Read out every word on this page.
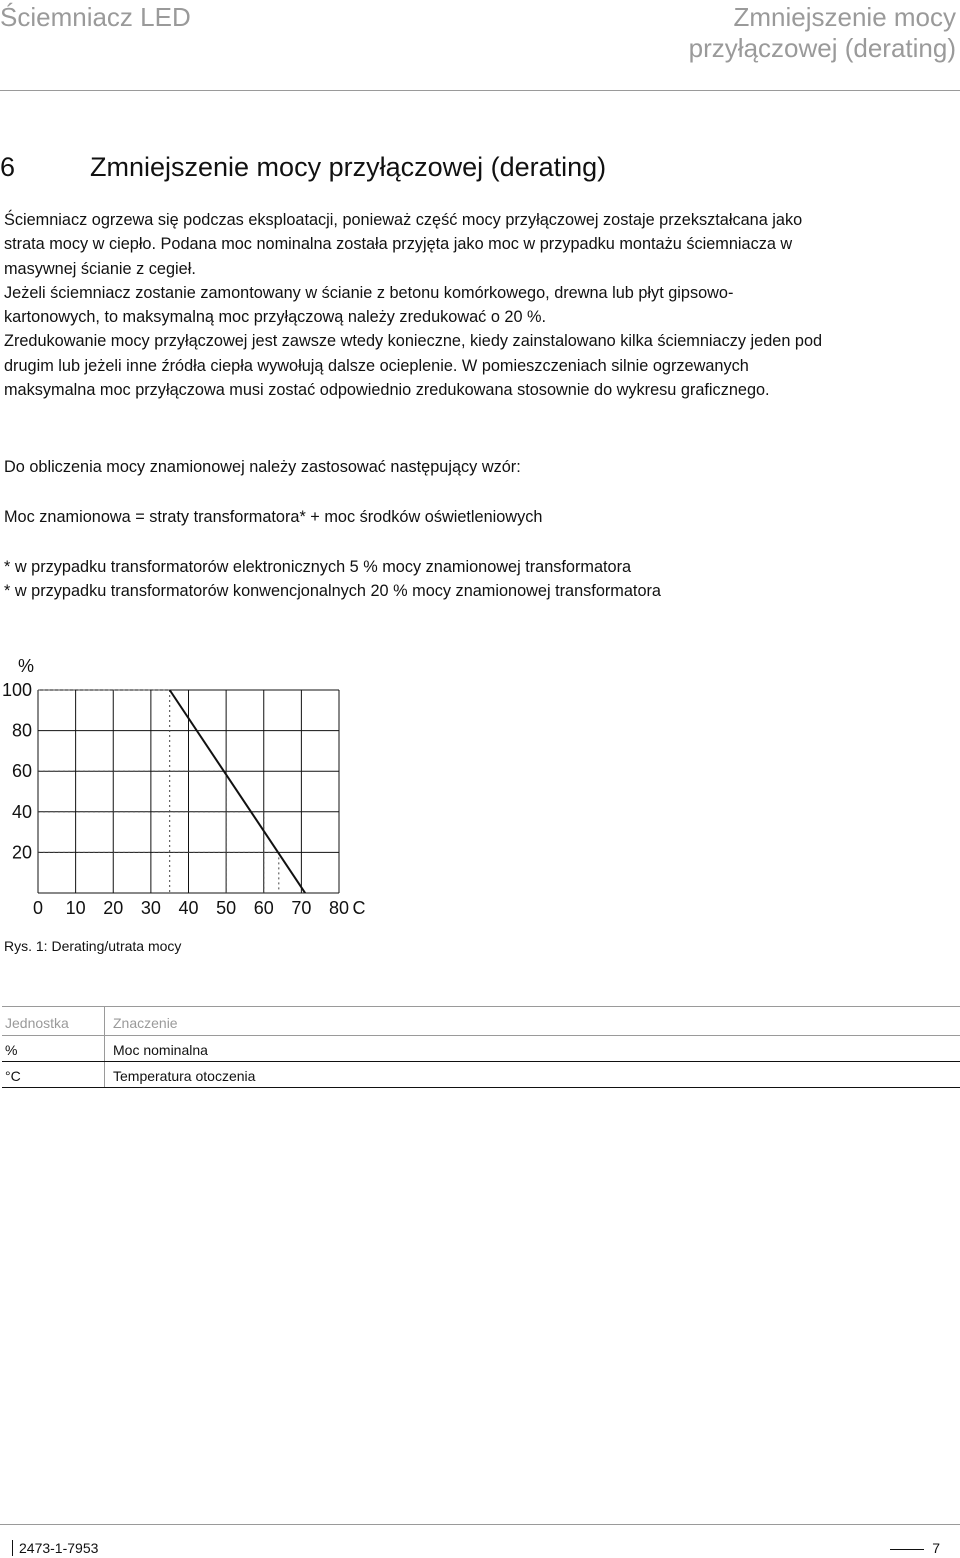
Ściemniacz LED	Zmniejszenie mocy
przyłączowej (derating)
6	Zmniejszenie mocy przyłączowej (derating)
Ściemniacz ogrzewa się podczas eksploatacji, ponieważ część mocy przyłączowej zostaje przekształcana jako
strata mocy w ciepło. Podana moc nominalna została przyjęta jako moc w przypadku montażu ściemniacza w
masywnej ścianie z cegieł.
Jeżeli ściemniacz zostanie zamontowany w ścianie z betonu komórkowego, drewna lub płyt gipsowo-
kartonowych, to maksymalną moc przyłączową należy zredukować o 20 %.
Zredukowanie mocy przyłączowej jest zawsze wtedy konieczne, kiedy zainstalowano kilka ściemniaczy jeden pod
drugim lub jeżeli inne źródła ciepła wywołują dalsze ocieplenie. W pomieszczeniach silnie ogrzewanych
maksymalna moc przyłączowa musi zostać odpowiednio zredukowana stosownie do wykresu graficznego.
Do obliczenia mocy znamionowej należy zastosować następujący wzór:
Moc znamionowa = straty transformatora* + moc środków oświetleniowych
* w przypadku transformatorów elektronicznych 5 % mocy znamionowej transformatora
* w przypadku transformatorów konwencjonalnych 20 % mocy znamionowej transformatora
20
40
60
80
100
0 10 20 30 40 50 60 70 80
%
C
Rys. 1: Derating/utrata mocy
Jednostka	Znaczenie
%	Moc nominalna
°C	Temperatura otoczenia
2473-1-7953	7
